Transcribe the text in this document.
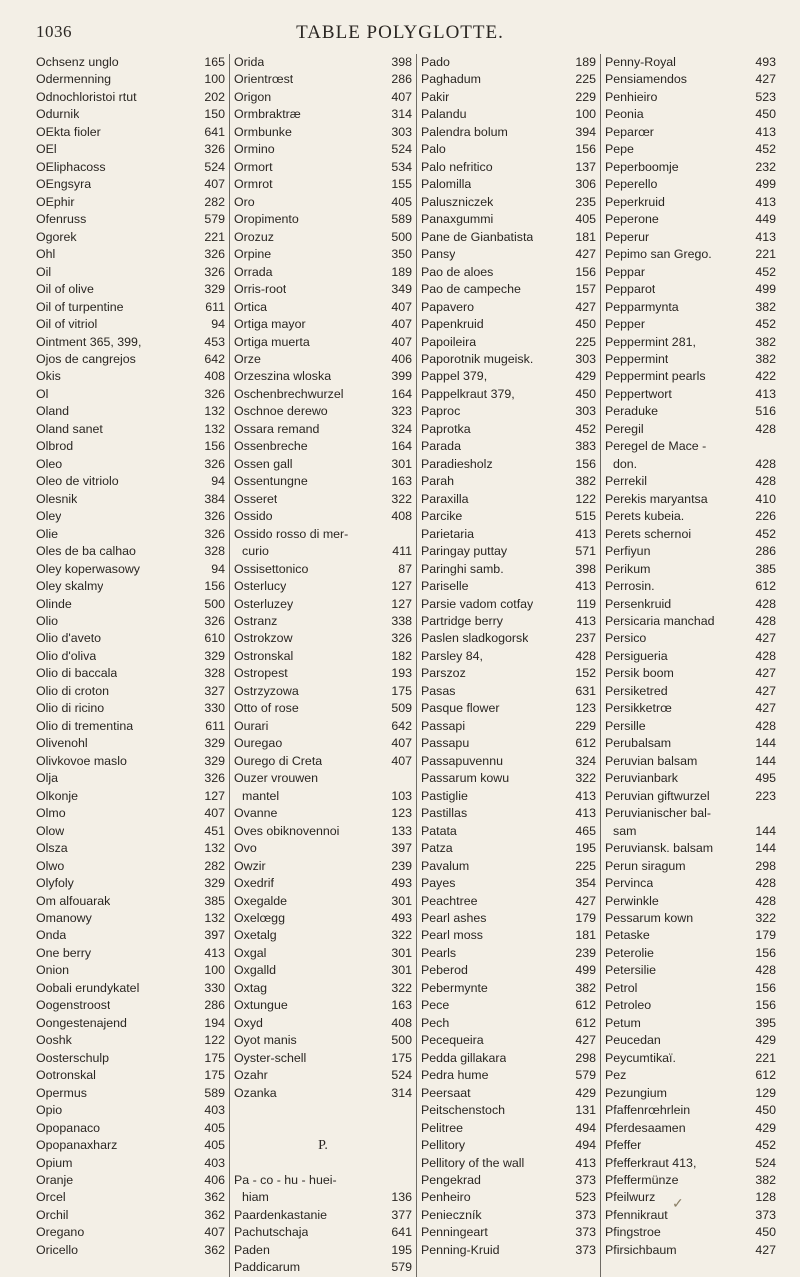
1036	TABLE POLYGLOTTE.
Ochsenz unglo	165
Odermenning	100
Odnochloristoi rtut	202
Odurnik	150
OEkta fioler	641
OEl	326
OEliphacoss	524
OEngsyra	407
OEphir	282
Ofenruss	579
Ogorek	221
Ohl	326
Oil	326
Oil of olive	329
Oil of turpentine	611
Oil of vitriol	94
Ointment 365, 399,	453
Ojos de cangrejos	642
Okis	408
Ol	326
Oland	132
Oland sanet	132
Olbrod	156
Oleo	326
Oleo de vitriolo	94
Olesnik	384
Oley	326
Olie	326
Oles de ba calhao	328
Oley koperwasowy	94
Oley skalmy	156
Olinde	500
Olio	326
Olio d'aveto	610
Olio d'oliva	329
Olio di baccala	328
Olio di croton	327
Olio di ricino	330
Olio di trementina	611
Olivenohl	329
Olivkovoe maslo	329
Olja	326
Olkonje	127
Olmo	407
Olow	451
Olsza	132
Olwo	282
Olyfoly	329
Om alfouarak	385
Omanowy	132
Onda	397
One berry	413
Onion	100
Oobali erundykatel	330
Oogenstroost	286
Oongestenajend	194
Ooshk	122
Oosterschulp	175
Ootronskal	175
Opermus	589
Opio	403
Opopanaco	405
Opopanaxharz	405
Opium	403
Oranje	406
Orcel	362
Orchil	362
Oregano	407
Oricello	362
Orida	398
Orientrœst	286
Origon	407
Ormbraktræ	314
Ormbunke	303
Ormino	524
Ormort	534
Ormrot	155
Oro	405
Oropimento	589
Orozuz	500
Orpine	350
Orrada	189
Orris-root	349
Ortica	407
Ortiga mayor	407
Ortiga muerta	407
Orze	406
Orzeszina wloska	399
Oschenbrechwurzel	164
Oschnoe derewo	323
Ossara remand	324
Ossenbreche	164
Ossen gall	301
Ossentungne	163
Osseret	322
Ossido	408
Ossido rosso di mer-
curio	411
Ossisettonico	87
Osterlucy	127
Osterluzey	127
Ostranz	338
Ostrokzow	326
Ostronskal	182
Ostropest	193
Ostrzyzowa	175
Otto of rose	509
Ourari	642
Ouregao	407
Ourego di Creta	407
Ouzer vrouwen
mantel	103
Ovanne	123
Oves obiknovennoi	133
Ovo	397
Owzir	239
Oxedrif	493
Oxegalde	301
Oxelœgg	493
Oxetalg	322
Oxgal	301
Oxgalld	301
Oxtag	322
Oxtungue	163
Oxyd	408
Oyot manis	500
Oyster-schell	175
Ozahr	524
Ozanka	314
P.
Pa - co - hu - huei-
hiam	136
Paardenkastanie	377
Pachutschaja	641
Paden	195
Paddicarum	579
Pado	189
Paghadum	225
Pakir	229
Palandu	100
Palendra bolum	394
Palo	156
Palo nefritico	137
Palomilla	306
Paluszniczek	235
Panaxgummi	405
Pane de Gianbatista	181
Pansy	427
Pao de aloes	156
Pao de campeche	157
Papavero	427
Papenkruid	450
Papoileira	225
Paporotnik mugeisk.	303
Pappel 379,	429
Pappelkraut 379,	450
Paproc	303
Paprotka	452
Parada	383
Paradiesholz	156
Parah	382
Paraxilla	122
Parcike	515
Parietaria	413
Paringay puttay	571
Paringhi samb.	398
Pariselle	413
Parsie vadom cotfay	119
Partridge berry	413
Paslen sladkogorsk	237
Parsley 84,	428
Parszoz	152
Pasas	631
Pasque flower	123
Passapi	229
Passapu	612
Passapuvennu	324
Passarum kowu	322
Pastiglie	413
Pastillas	413
Patata	465
Patza	195
Pavalum	225
Payes	354
Peachtree	427
Pearl ashes	179
Pearl moss	181
Pearls	239
Peberod	499
Pebermynte	382
Pece	612
Pech	612
Pecequeira	427
Pedda gillakara	298
Pedra hume	579
Peersaat	429
Peitschenstoch	131
Pelitree	494
Pellitory	494
Pellitory of the wall	413
Pengekrad	373
Penheiro	523
Penieczník	373
Penningeart	373
Penning-Kruid	373
Penny-Royal	493
Pensiamendos	427
Penhieiro	523
Peonia	450
Peparœr	413
Pepe	452
Peperboomje	232
Peperello	499
Peperkruid	413
Peperone	449
Peperur	413
Pepimo san Grego.	221
Peppar	452
Pepparot	499
Pepparmynta	382
Pepper	452
Peppermint 281,	382
Peppermint	382
Peppermint pearls	422
Peppertwort	413
Peraduke	516
Peregil	428
Peregel de Mace -
don.	428
Perrekil	428
Perekis maryantsa	410
Perets kubeia.	226
Perets schernoi	452
Perfiyun	286
Perikum	385
Perrosin.	612
Persenkruid	428
Persicaria manchad	428
Persico	427
Persigueria	428
Persik boom	427
Persiketred	427
Persikketrœ	427
Persille	428
Perubalsam	144
Peruvian balsam	144
Peruvianbark	495
Peruvian giftwurzel	223
Peruvianischer bal-
sam	144
Peruviansk. balsam	144
Perun siragum	298
Pervinca	428
Perwinkle	428
Pessarum kown	322
Petaske	179
Peterolie	156
Petersilie	428
Petrol	156
Petroleo	156
Petum	395
Peucedan	429
Peycumtikaï.	221
Pez	612
Pezungium	129
Pfaffenrœhrlein	450
Pferdesaamen	429
Pfeffer	452
Pfefferkraut 413,	524
Pfeffermünze	382
Pfeilwurz	128
Pfennikraut	373
Pfingstroe	450
Pfirsichbaum	427
✓
